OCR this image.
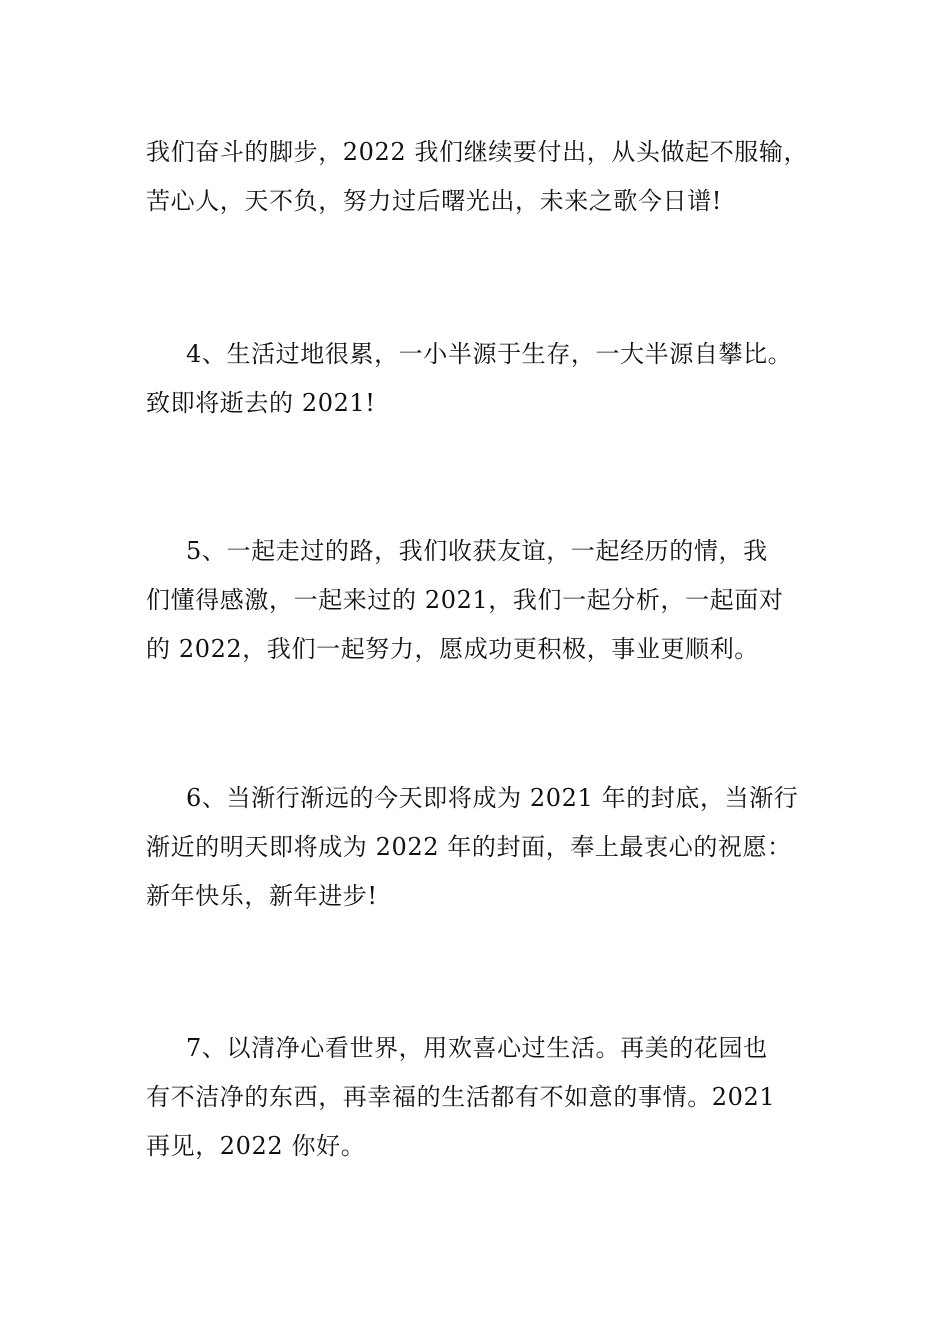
我们奋斗的脚步，2022 我们继续要付出，从头做起不服输，
苦心人，天不负，努力过后曙光出，未来之歌今日谱!

4、生活过地很累，一小半源于生存，一大半源自攀比。
致即将逝去的 2021!

5、一起走过的路，我们收获友谊，一起经历的情，我
们懂得感激，一起来过的 2021，我们一起分析，一起面对
的 2022，我们一起努力，愿成功更积极，事业更顺利。

6、当渐行渐远的今天即将成为 2021 年的封底，当渐行
渐近的明天即将成为 2022 年的封面，奉上最衷心的祝愿：
新年快乐，新年进步!

7、以清净心看世界，用欢喜心过生活。再美的花园也
有不洁净的东西，再幸福的生活都有不如意的事情。2021
再见，2022 你好。
